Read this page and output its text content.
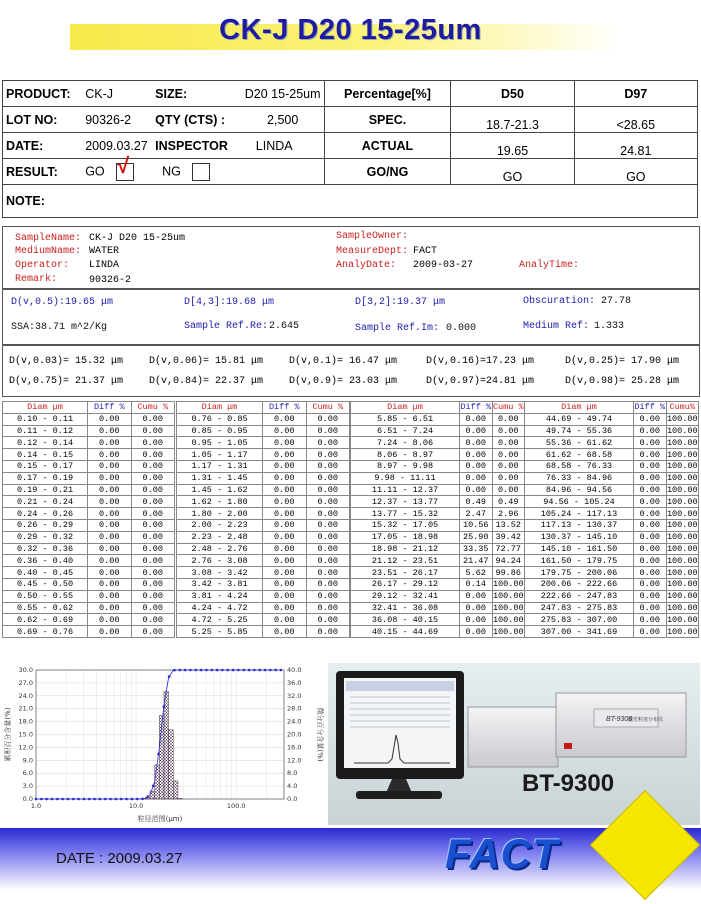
CK-J D20 15-25um
PRODUCT:	CK-J	SIZE:	D20 15-25um	Percentage[%]	D50	D97
LOT NO:	90326-2	QTY (CTS) :	2,500	SPEC.	18.7-21.3	<28.65
DATE:	2009.03.27	INSPECTOR	LINDA	ACTUAL	19.65	24.81
RESULT:	GO √	NG		GO/NG	GO	GO
NOTE:						
SampleName: CK-J D20 15-25um	SampleOwner:
MediumName: WATER	MeasureDept: FACT
Operator: LINDA	AnalyDate: 2009-03-27	AnalyTime:
Remark:	90326-2
D(v,0.5):19.65 μm	D[4,3]:19.68 μm	D[3,2]:19.37 μm	Obscuration: 27.78
SSA:38.71 m^2/Kg	Sample Ref.Re: 2.645	Sample Ref.Im: 0.000	Medium Ref: 1.333
D(v,0.03)= 15.32 μm	D(v,0.06)= 15.81 μm	D(v,0.1)= 16.47 μm	D(v,0.16)=17.23 μm	D(v,0.25)= 17.90 μm
D(v,0.75)= 21.37 μm	D(v,0.84)= 22.37 μm	D(v,0.9)= 23.03 μm	D(v,0.97)=24.81 μm	D(v,0.98)= 25.28 μm
Diam μm	Diff %	Cumu %
0.10 - 0.11	0.00	0.00
0.11 - 0.12	0.00	0.00
0.12 - 0.14	0.00	0.00
0.14 - 0.15	0.00	0.00
0.15 - 0.17	0.00	0.00
0.17 - 0.19	0.00	0.00
0.19 - 0.21	0.00	0.00
0.21 - 0.24	0.00	0.00
0.24 - 0.26	0.00	0.00
0.26 - 0.29	0.00	0.00
0.29 - 0.32	0.00	0.00
0.32 - 0.36	0.00	0.00
0.36 - 0.40	0.00	0.00
0.40 - 0.45	0.00	0.00
0.45 - 0.50	0.00	0.00
0.50 - 0.55	0.00	0.00
0.55 - 0.62	0.00	0.00
0.62 - 0.69	0.00	0.00
0.69 - 0.76	0.00	0.00
Diam μm	Diff %	Cumu %
0.76 - 0.85	0.00	0.00
0.85 - 0.95	0.00	0.00
0.95 - 1.05	0.00	0.00
1.05 - 1.17	0.00	0.00
1.17 - 1.31	0.00	0.00
1.31 - 1.45	0.00	0.00
1.45 - 1.62	0.00	0.00
1.62 - 1.80	0.00	0.00
1.80 - 2.00	0.00	0.00
2.00 - 2.23	0.00	0.00
2.23 - 2.48	0.00	0.00
2.48 - 2.76	0.00	0.00
2.76 - 3.08	0.00	0.00
3.08 - 3.42	0.00	0.00
3.42 - 3.81	0.00	0.00
3.81 - 4.24	0.00	0.00
4.24 - 4.72	0.00	0.00
4.72 - 5.25	0.00	0.00
5.25 - 5.85	0.00	0.00
Diam μm	Diff %	Cumu %
5.85 - 6.51	0.00	0.00
6.51 - 7.24	0.00	0.00
7.24 - 8.06	0.00	0.00
8.06 - 8.97	0.00	0.00
8.97 - 9.98	0.00	0.00
9.98 - 11.11	0.00	0.00
11.11 - 12.37	0.00	0.00
12.37 - 13.77	0.49	0.49
13.77 - 15.32	2.47	2.96
15.32 - 17.05	10.56	13.52
17.05 - 18.98	25.90	39.42
18.98 - 21.12	33.35	72.77
21.12 - 23.51	21.47	94.24
23.51 - 26.17	5.62	99.86
26.17 - 29.12	0.14	100.00
29.12 - 32.41	0.00	100.00
32.41 - 36.08	0.00	100.00
36.08 - 40.15	0.00	100.00
40.15 - 44.69	0.00	100.00
Diam μm	Diff %	Cumu%
44.69 - 49.74	0.00	100.00
49.74 - 55.36	0.00	100.00
55.36 - 61.62	0.00	100.00
61.62 - 68.58	0.00	100.00
68.58 - 76.33	0.00	100.00
76.33 - 84.96	0.00	100.00
84.96 - 94.56	0.00	100.00
94.56 - 105.24	0.00	100.00
105.24 - 117.13	0.00	100.00
117.13 - 130.37	0.00	100.00
130.37 - 145.10	0.00	100.00
145.10 - 161.50	0.00	100.00
161.50 - 179.75	0.00	100.00
179.75 - 200.06	0.00	100.00
200.06 - 222.66	0.00	100.00
222.66 - 247.83	0.00	100.00
247.83 - 275.83	0.00	100.00
275.83 - 307.00	0.00	100.00
307.00 - 341.69	0.00	100.00
0.0
3.0
6.0
9.0
12.0
15.0
18.0
21.0
24.0
27.0
30.0
0.0
4.0
8.0
12.0
16.0
20.0
24.0
28.0
32.0
36.0
40.0
1.0	10.0	100.0
粒径范围(μm)
累积百分含量(%)	微分百分含量(%)	BT-9300
激光粒度分布仪
BT-9300
DATE : 2009.03.27	FACT
